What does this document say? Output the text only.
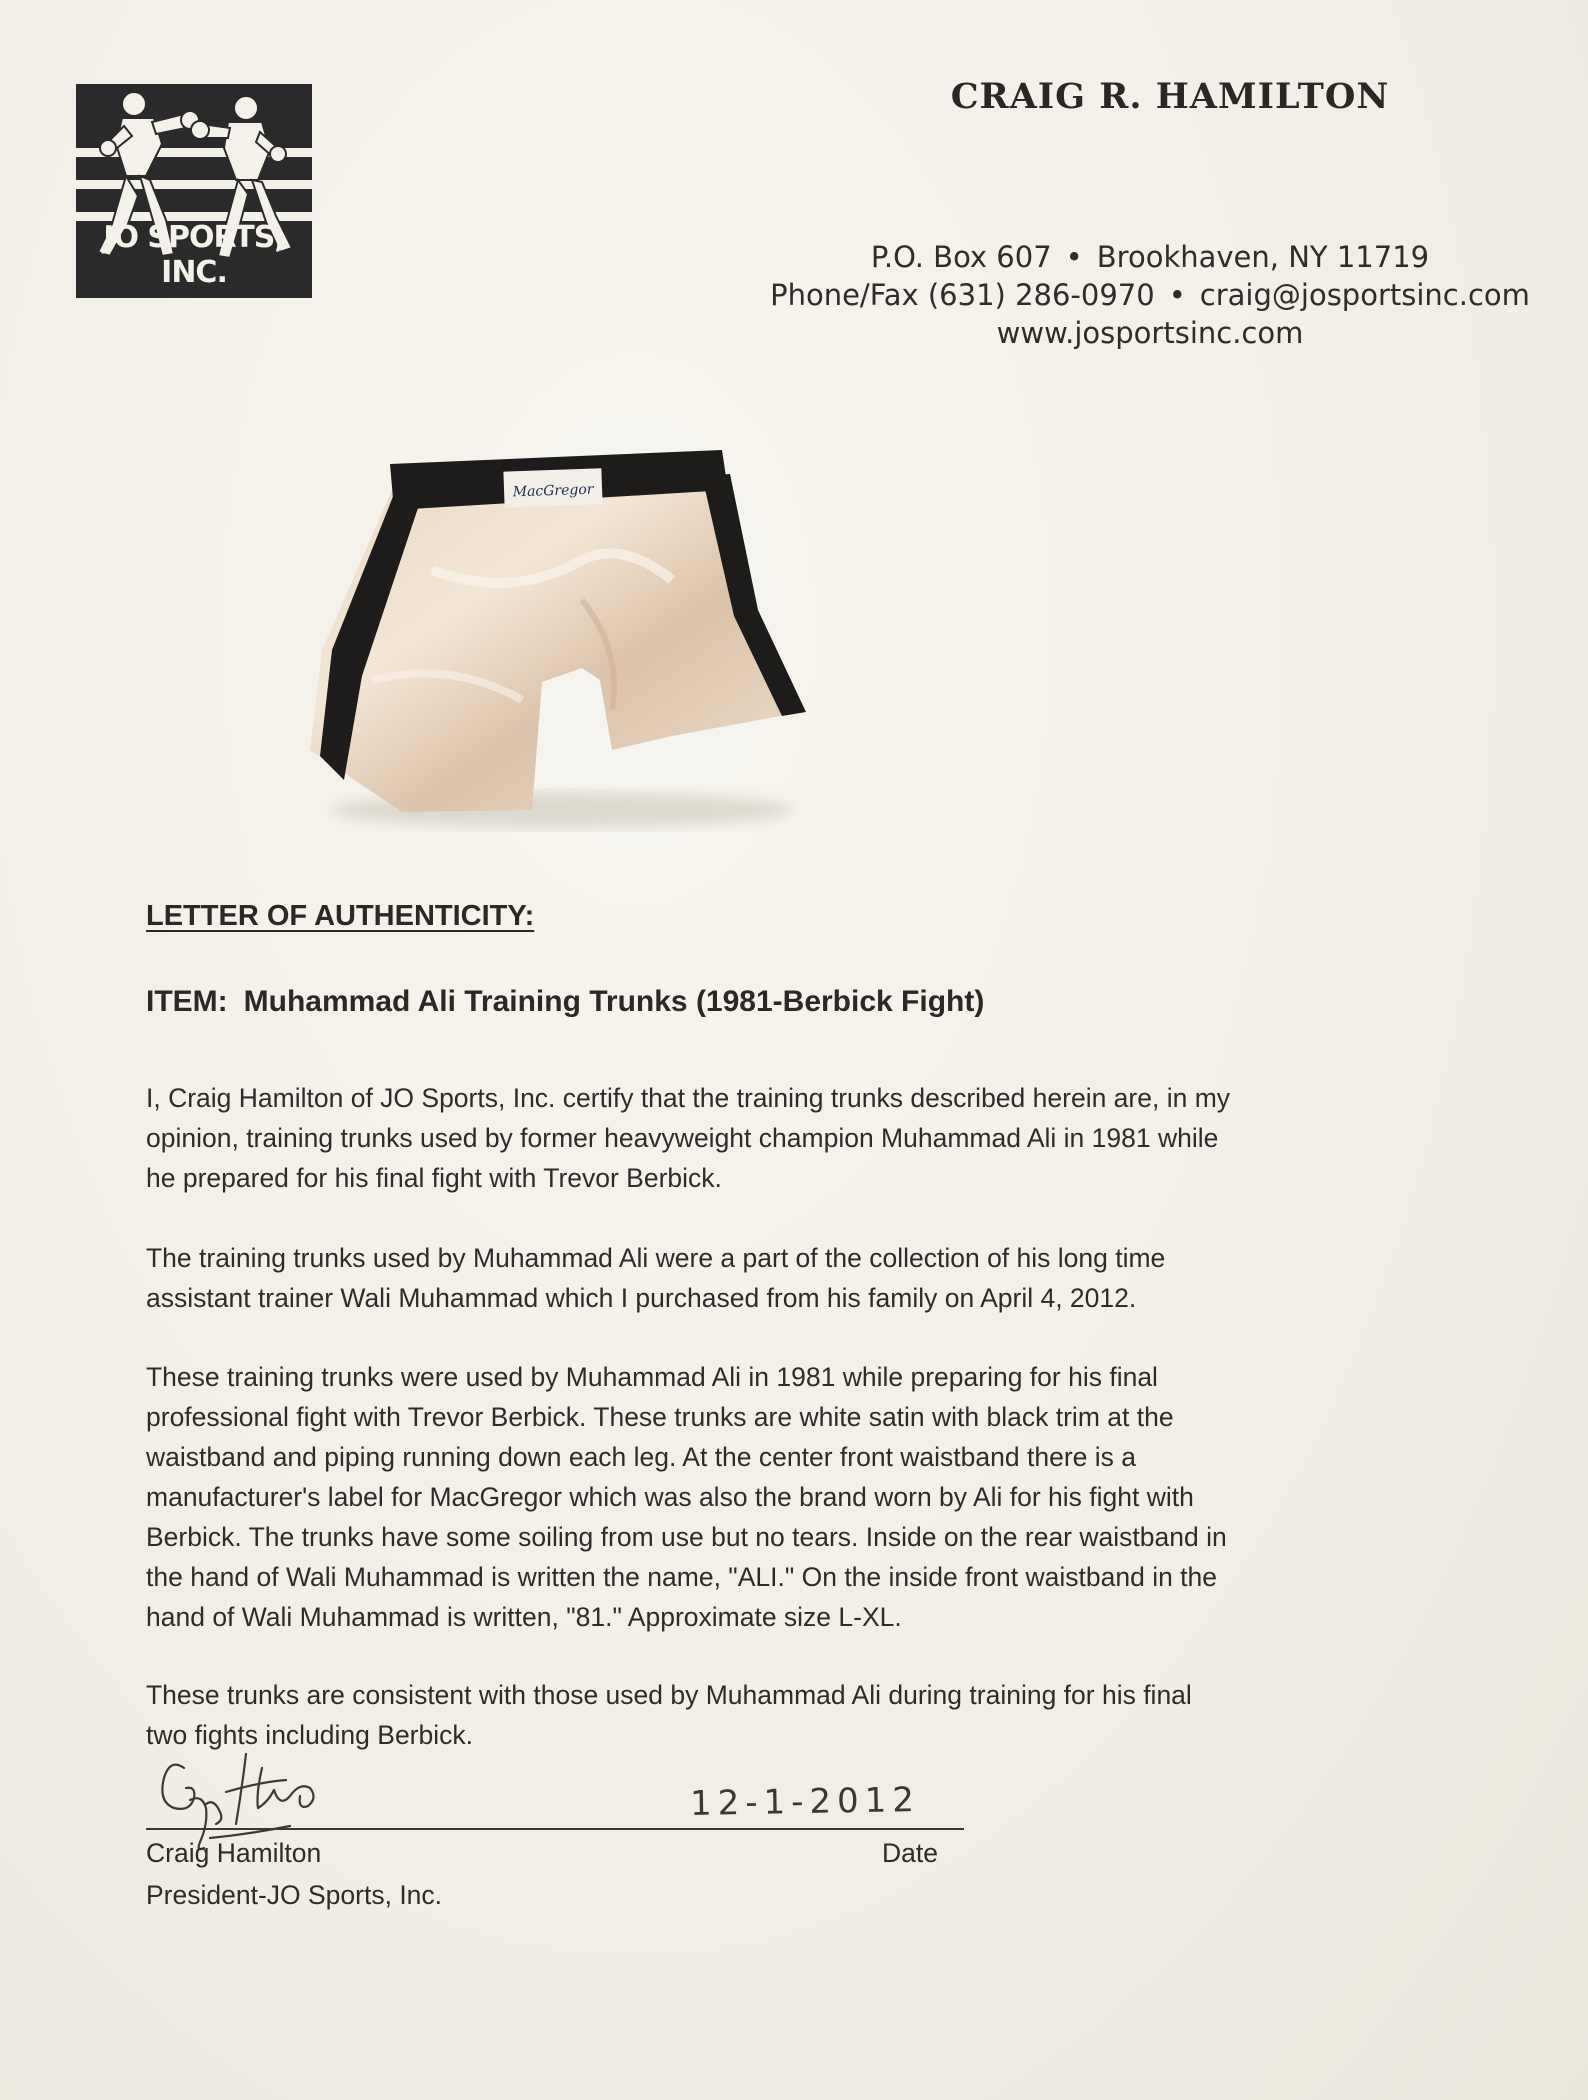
JO SPORTS, INC.
CRAIG R. HAMILTON
P.O. Box 607 • Brookhaven, NY 11719
Phone/Fax (631) 286-0970 • craig@josportsinc.com
www.josportsinc.com
MacGregor
LETTER OF AUTHENTICITY:
ITEM: Muhammad Ali Training Trunks (1981-Berbick Fight)
I, Craig Hamilton of JO Sports, Inc. certify that the training trunks described herein are, in my
opinion, training trunks used by former heavyweight champion Muhammad Ali in 1981 while
he prepared for his final fight with Trevor Berbick.
The training trunks used by Muhammad Ali were a part of the collection of his long time
assistant trainer Wali Muhammad which I purchased from his family on April 4, 2012.
These training trunks were used by Muhammad Ali in 1981 while preparing for his final
professional fight with Trevor Berbick. These trunks are white satin with black trim at the
waistband and piping running down each leg. At the center front waistband there is a
manufacturer's label for MacGregor which was also the brand worn by Ali for his fight with
Berbick. The trunks have some soiling from use but no tears. Inside on the rear waistband in
the hand of Wali Muhammad is written the name, "ALI." On the inside front waistband in the
hand of Wali Muhammad is written, "81." Approximate size L-XL.
These trunks are consistent with those used by Muhammad Ali during training for his final
two fights including Berbick.
12-1-2012
Craig Hamilton
President-JO Sports, Inc.
Date
